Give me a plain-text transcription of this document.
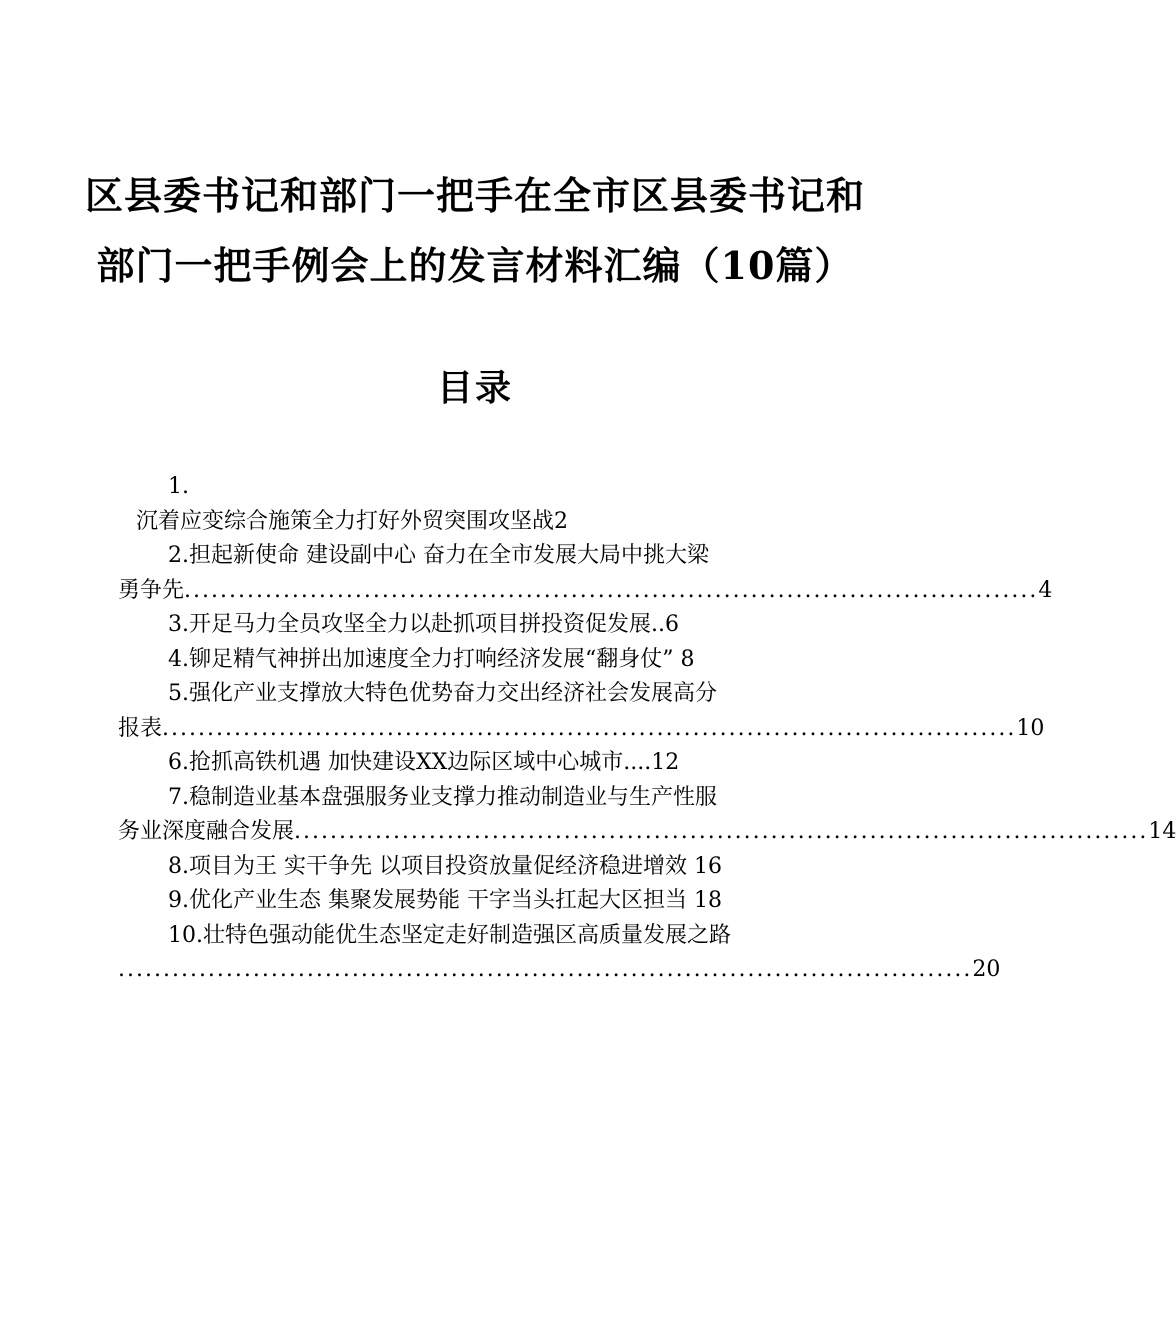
区县委书记和部门一把手在全市区县委书记和
部门一把手例会上的发言材料汇编（10篇）
目录
1.
沉着应变综合施策全力打好外贸突围攻坚战2
2.担起新使命 建设副中心 奋力在全市发展大局中挑大梁
勇争先 ............................................................................................... 4
3.开足马力全员攻坚全力以赴抓项目拼投资促发展..6
4.铆足精气神拼出加速度全力打响经济发展“翻身仗” 8
5.强化产业支撑放大特色优势奋力交出经济社会发展高分
报表 ............................................................................................... 10
6.抢抓高铁机遇 加快建设XX边际区域中心城市....12
7.稳制造业基本盘强服务业支撑力推动制造业与生产性服
务业深度融合发展 ............................................................................................... 14
8.项目为王 实干争先 以项目投资放量促经济稳进增效 16
9.优化产业生态 集聚发展势能 干字当头扛起大区担当 18
10.壮特色强动能优生态坚定走好制造强区高质量发展之路
............................................................................................... 20
